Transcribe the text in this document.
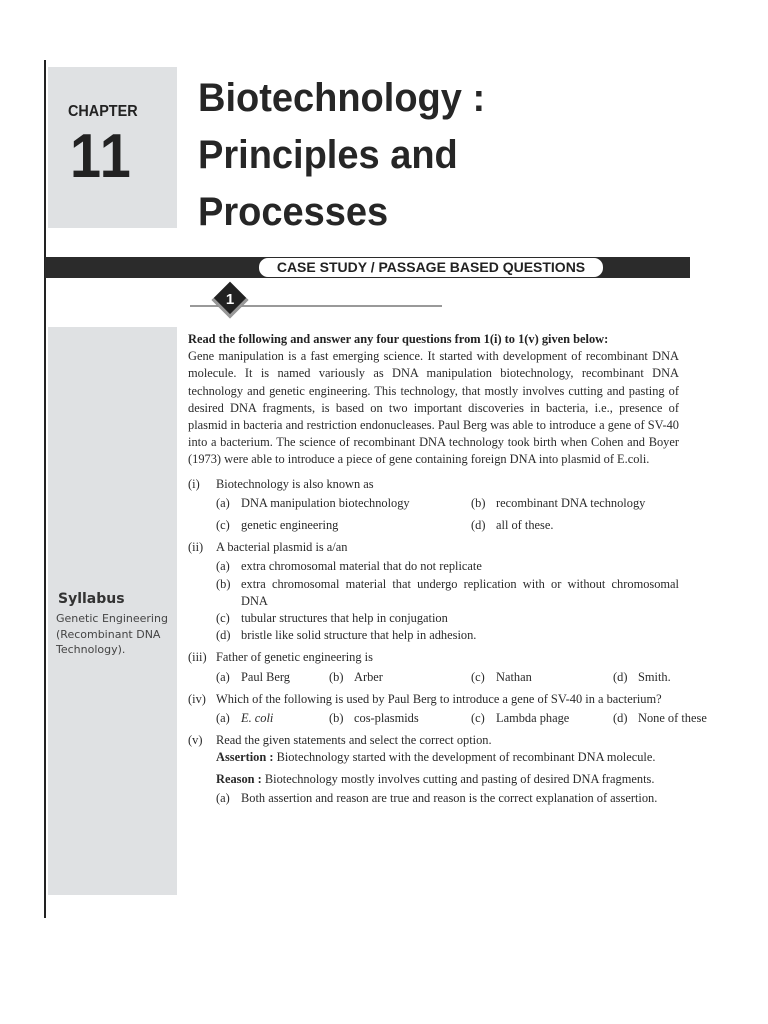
CHAPTER
11
Biotechnology :
Principles and
Processes
CASE STUDY / PASSAGE BASED QUESTIONS
1
Syllabus
Genetic Engineering (Recombinant DNA Technology).
Read the following and answer any four questions from 1(i) to 1(v) given below:
Gene manipulation is a fast emerging science. It started with development of recombinant DNA molecule. It is named variously as DNA manipulation biotechnology, recombinant DNA technology and genetic engineering. This technology, that mostly involves cutting and pasting of desired DNA fragments, is based on two important discoveries in bacteria, i.e., presence of plasmid in bacteria and restriction endonucleases. Paul Berg was able to introduce a gene of SV-40 into a bacterium. The science of recombinant DNA technology took birth when Cohen and Boyer (1973) were able to introduce a piece of gene containing foreign DNA into plasmid of E.coli.
(i) Biotechnology is also known as
(a) DNA manipulation biotechnology	(b) recombinant DNA technology
(c) genetic engineering	(d) all of these.
(ii) A bacterial plasmid is a/an
(a) extra chromosomal material that do not replicate
(b) extra chromosomal material that undergo replication with or without chromosomal DNA
(c) tubular structures that help in conjugation
(d) bristle like solid structure that help in adhesion.
(iii) Father of genetic engineering is
(a) Paul Berg	(b) Arber	(c) Nathan	(d) Smith.
(iv) Which of the following is used by Paul Berg to introduce a gene of SV-40 in a bacterium?
(a) E. coli	(b) cos-plasmids	(c) Lambda phage	(d) None of these
(v) Read the given statements and select the correct option.
Assertion : Biotechnology started with the development of recombinant DNA molecule.
Reason : Biotechnology mostly involves cutting and pasting of desired DNA fragments.
(a) Both assertion and reason are true and reason is the correct explanation of assertion.
